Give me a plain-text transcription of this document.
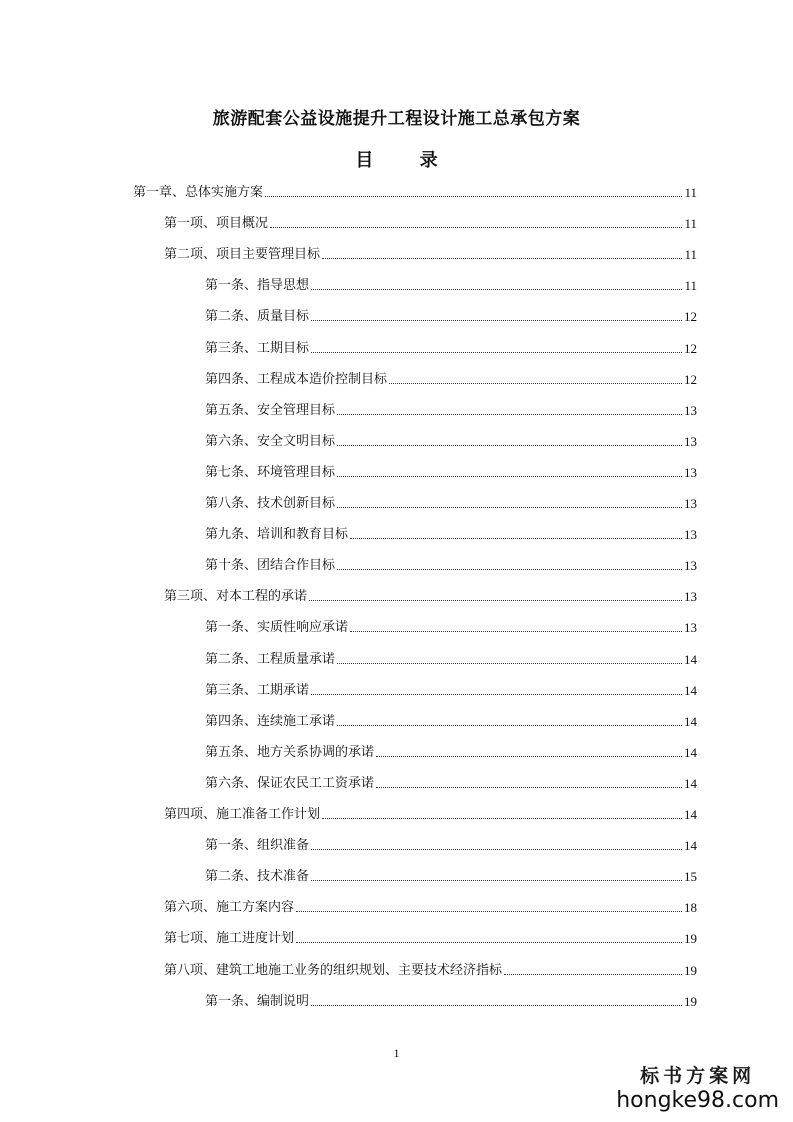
旅游配套公益设施提升工程设计施工总承包方案
目 录
第一章、总体实施方案	11
第一项、项目概况	11
第二项、项目主要管理目标	11
第一条、指导思想	11
第二条、质量目标	12
第三条、工期目标	12
第四条、工程成本造价控制目标	12
第五条、安全管理目标	13
第六条、安全文明目标	13
第七条、环境管理目标	13
第八条、技术创新目标	13
第九条、培训和教育目标	13
第十条、团结合作目标	13
第三项、对本工程的承诺	13
第一条、实质性响应承诺	13
第二条、工程质量承诺	14
第三条、工期承诺	14
第四条、连续施工承诺	14
第五条、地方关系协调的承诺	14
第六条、保证农民工工资承诺	14
第四项、施工准备工作计划	14
第一条、组织准备	14
第二条、技术准备	15
第六项、施工方案内容	18
第七项、施工进度计划	19
第八项、建筑工地施工业务的组织规划、主要技术经济指标	19
第一条、编制说明	19
1
标书方案网
hongke98.com
